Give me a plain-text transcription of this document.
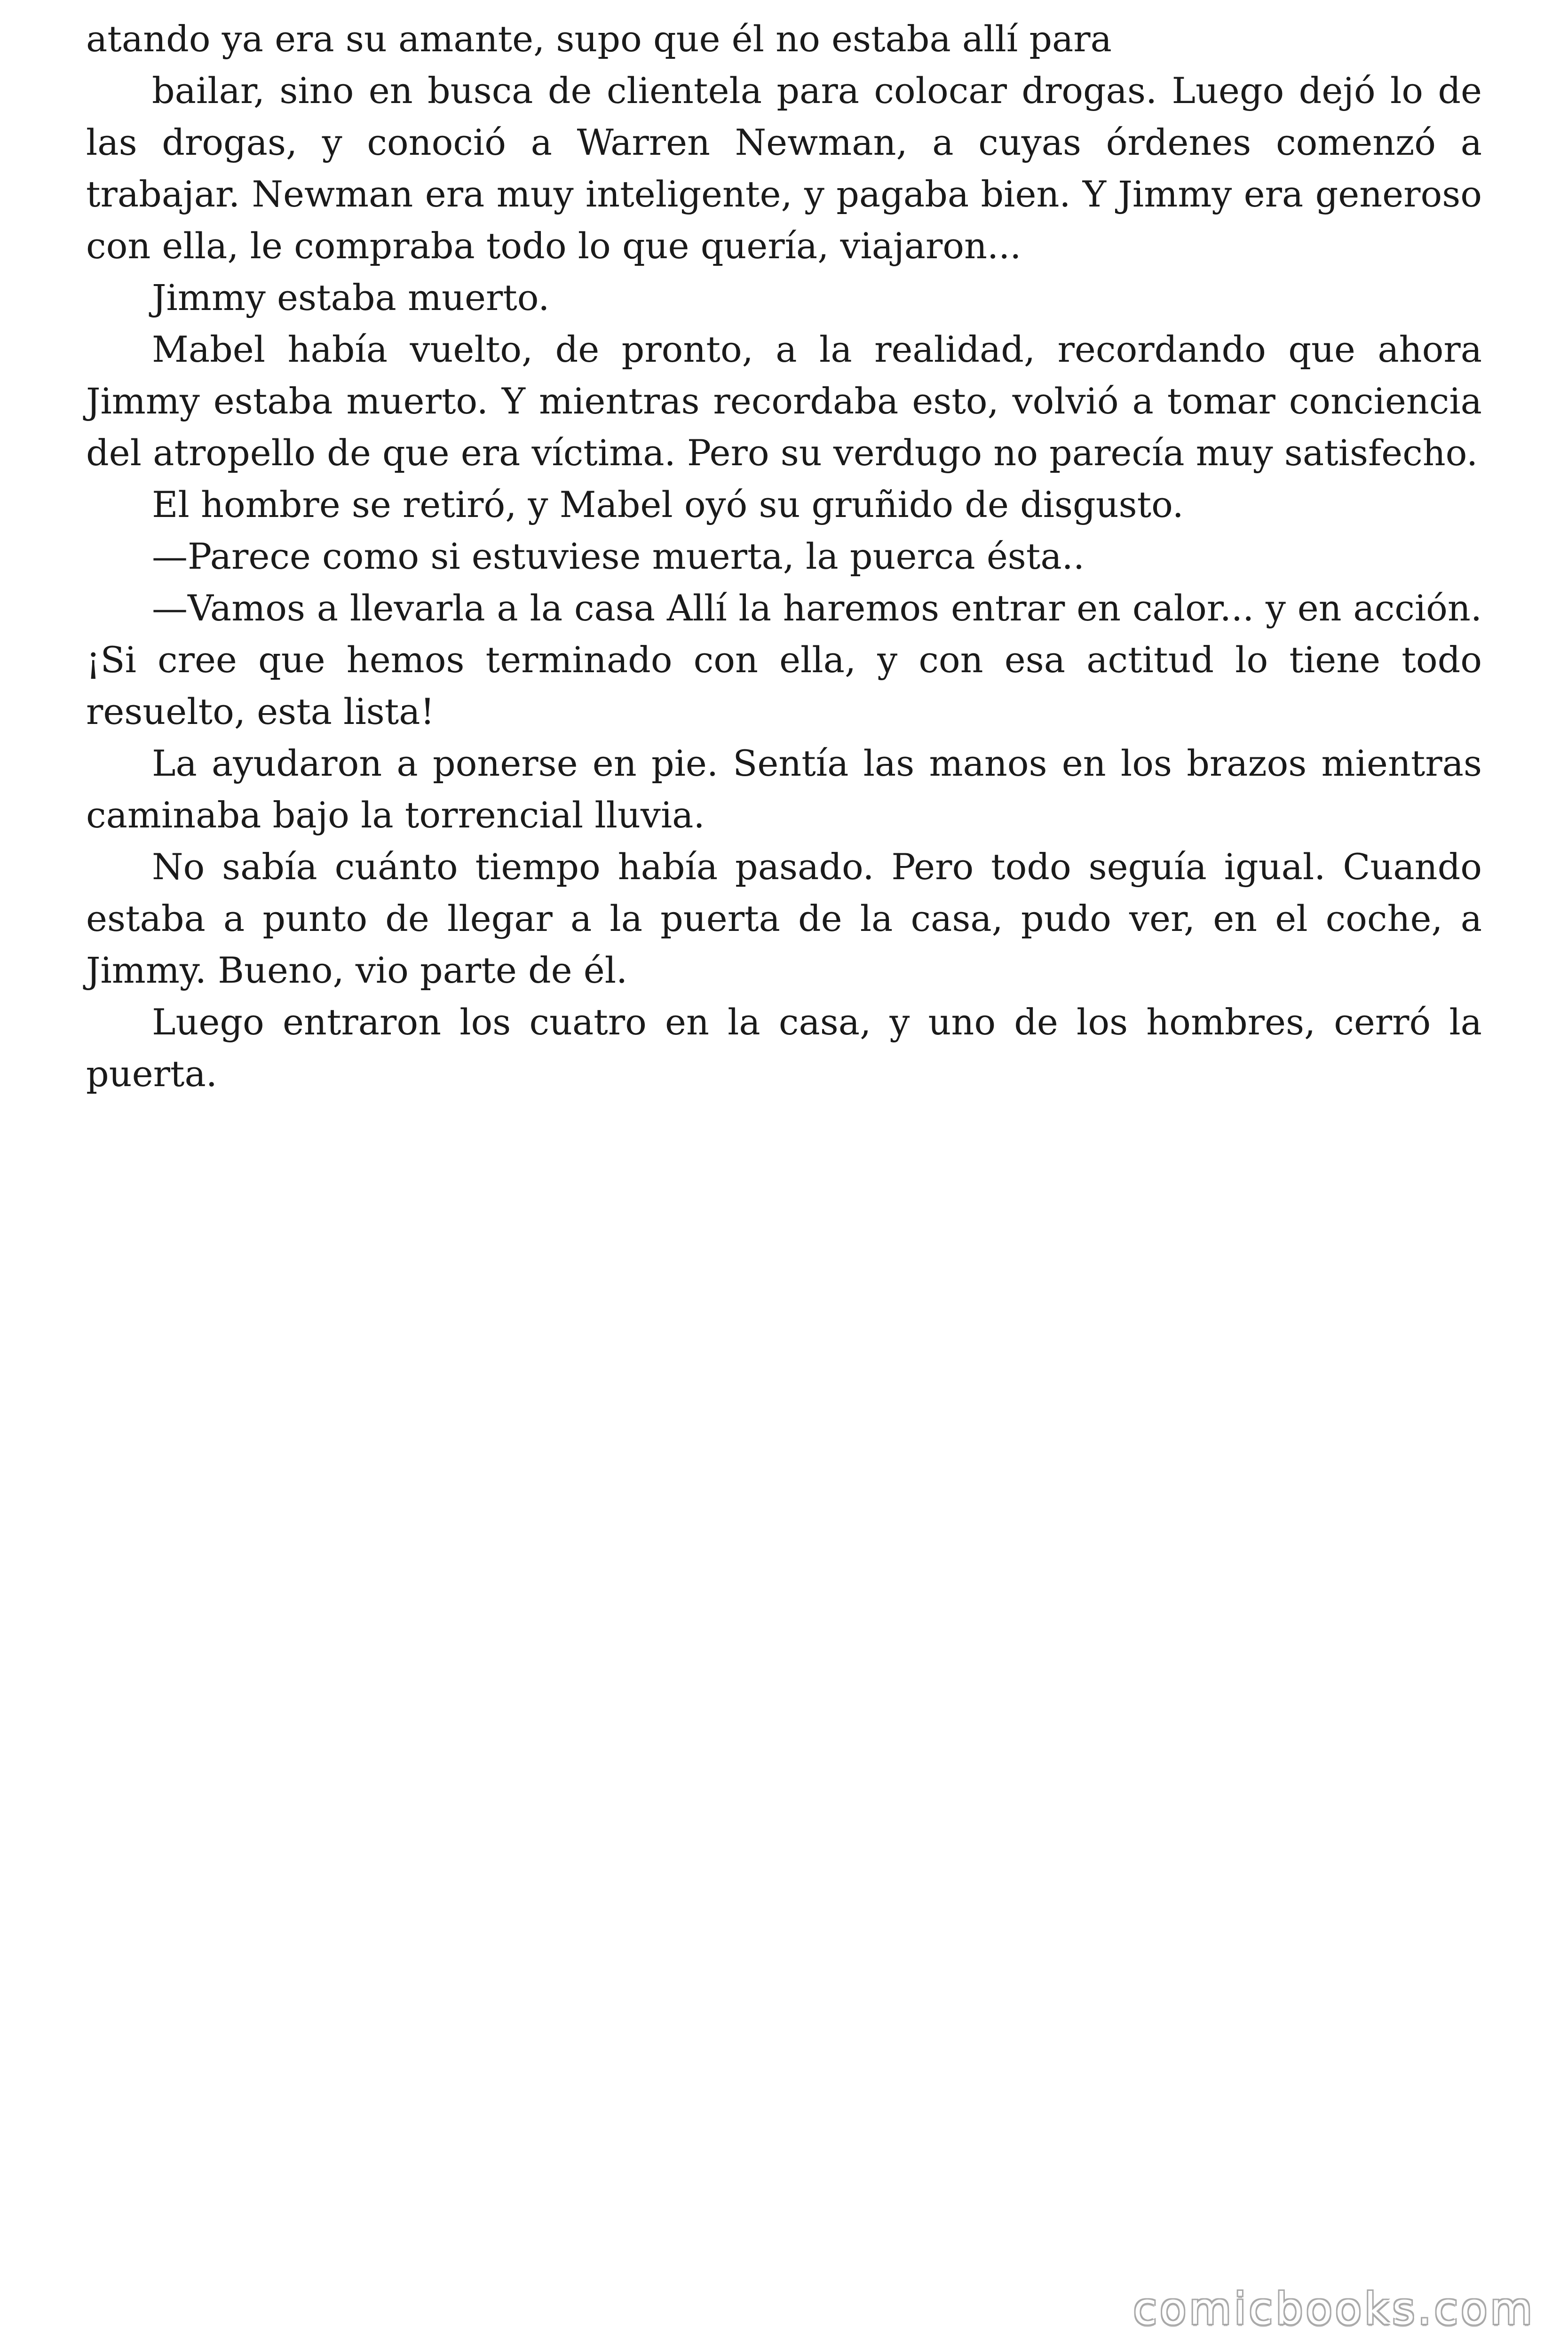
atando ya era su amante, supo que él no estaba allí para

bailar, sino en busca de clientela para colocar drogas. Luego dejó lo de las drogas, y conoció a Warren Newman, a cuyas órdenes comenzó a trabajar. Newman era muy inteligente, y pagaba bien. Y Jimmy era generoso con ella, le compraba todo lo que quería, viajaron...

Jimmy estaba muerto.

Mabel había vuelto, de pronto, a la realidad, recordando que ahora Jimmy estaba muerto. Y mientras recordaba esto, volvió a tomar conciencia del atropello de que era víctima. Pero su verdugo no parecía muy satisfecho.

El hombre se retiró, y Mabel oyó su gruñido de disgusto.

—Parece como si estuviese muerta, la puerca ésta..

—Vamos a llevarla a la casa Allí la haremos entrar en calor... y en acción. ¡Si cree que hemos terminado con ella, y con esa actitud lo tiene todo resuelto, esta lista!

La ayudaron a ponerse en pie. Sentía las manos en los brazos mientras caminaba bajo la torrencial lluvia.

No sabía cuánto tiempo había pasado. Pero todo seguía igual. Cuando estaba a punto de llegar a la puerta de la casa, pudo ver, en el coche, a Jimmy. Bueno, vio parte de él.

Luego entraron los cuatro en la casa, y uno de los hombres, cerró la puerta.

comicbooks.com
